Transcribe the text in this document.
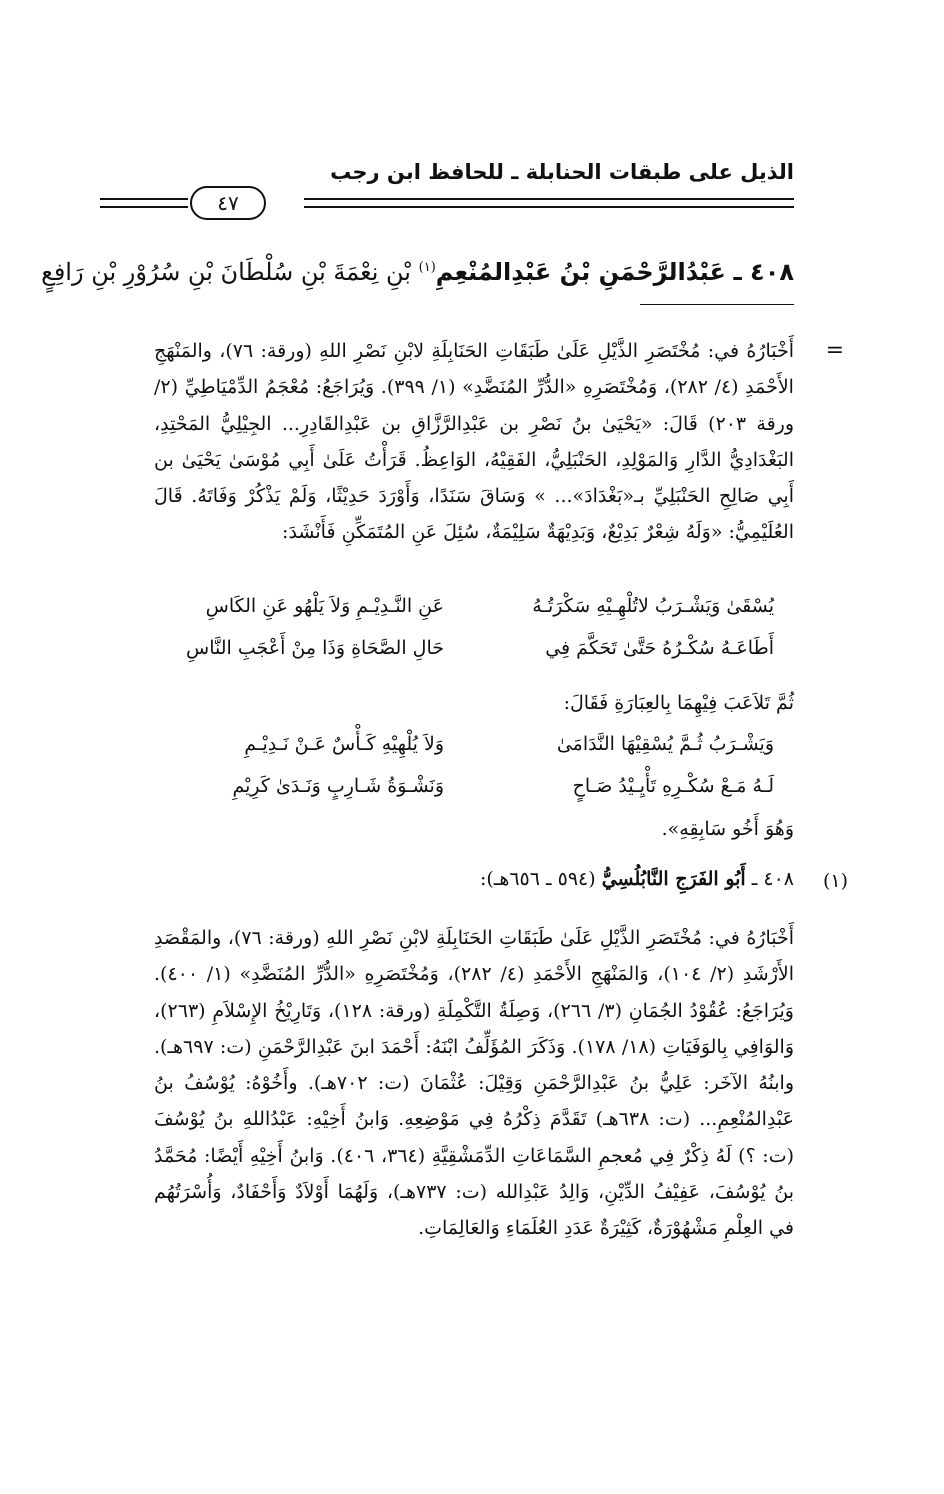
الذيل على طبقات الحنابلة ـ للحافظ ابن رجب
٤٧
٤٠٨ ـ عَبْدُالرَّحْمَنِ بْنُ عَبْدِالمُنْعِمِ$^{(١)}$ بْنِ نِعْمَةَ بْنِ سُلْطَانَ بْنِ سُرُوْرِ بْنِ رَافِعٍ
=

أَخْبَارُهُ في: مُخْتَصَرِ الذَّيْلِ عَلَىٰ طَبَقَاتِ الحَنَابِلَةِ لابْنِ نَصْرِ اللهِ (ورقة: ٧٦)، والمَنْهَجِ الأَحْمَدِ (٤/ ٢٨٢)، وَمُخْتَصَرِهِ «الدُّرِّ المُنَضَّدِ» (١/ ٣٩٩). وَيُرَاجَعُ: مُعْجَمُ الدِّمْيَاطِيِّ (٢/ ورقة ٢٠٣) قَالَ: «يَحْيَىٰ بنُ نَصْرِ بن عَبْدِالرَّزَّاقِ بن عَبْدِالقَادِرِ... الجِيْلِيُّ المَحْتِدِ، البَغْدَادِيُّ الدَّارِ وَالمَوْلِدِ، الحَنْبَلِيُّ، الفَقِيْهُ، الوَاعِظُ. قَرَأْتُ عَلَىٰ أَبِي مُوْسَىٰ يَحْيَىٰ بن أَبِي صَالِحِ الحَنْبَلِيِّ بـ«بَغْدَادَ»... » وَسَاقَ سَنَدًا، وَأَوْرَدَ حَدِيْثًا، وَلَمْ يَذْكُرْ وَفَاتَهُ. قَالَ العُلَيْمِيُّ: «وَلَهُ شِعْرٌ بَدِيْعٌ، وَبَدِيْهَةٌ سَلِيْمَةٌ، سُئِلَ عَنِ المُتَمَكِّنِ فَأَنْشَدَ:

يُسْقَىٰ وَيَشْـرَبُ لاتُلْهِـيْهِ سَكْرَتُـهُ
عَنِ النَّـدِيْـمِ وَلاَ يَلْهُو عَنِ الكَاسِ
أَطَاعَـهُ سُكْـرُهُ حَتَّىٰ تَحَكَّمَ فِي
حَالِ الصَّحَاةِ وَذَا مِنْ أَعْجَبِ النَّاسِ
ثُمَّ تَلاَعَبَ فِيْهِمَا بِالعِبَارَةِ فَقَالَ:
وَيَشْـرَبُ ثُـمَّ يُسْقِيْهَا النَّدَامَىٰ
وَلاَ يُلْهِيْهِ كَـأْسٌ عَـنْ نَـدِيْـمِ
لَـهُ مَـعْ سُكْـرِهِ تَأْيِـيْدُ صَـاحٍ
وَنَشْـوَةُ شَـارِبٍ وَنَـدَىٰ كَرِيْمِ
وَهُوَ أَخُو سَابِقِهِ».
(١)
٤٠٨ ـ أَبُو الفَرَجِ النَّابُلُسِيُّ (٥٩٤ ـ ٦٥٦هـ):

أَخْبَارُهُ في: مُخْتَصَرِ الذَّيْلِ عَلَىٰ طَبَقَاتِ الحَنَابِلَةِ لابْنِ نَصْرِ اللهِ (ورقة: ٧٦)، والمَقْصَدِ الأَرْشَدِ (٢/ ١٠٤)، وَالمَنْهَجِ الأَحْمَدِ (٤/ ٢٨٢)، وَمُخْتَصَرِهِ «الدُّرِّ المُنَضَّدِ» (١/ ٤٠٠). وَيُرَاجَعُ: عُقُوْدُ الجُمَانِ (٣/ ٢٦٦)، وَصِلَةُ التَّكْمِلَةِ (ورقة: ١٢٨)، وَتَارِيْخُ الإِسْلاَمِ (٢٦٣)، وَالوَافِي بِالوَفَيَاتِ (١٨/ ١٧٨). وَذَكَرَ المُؤَلِّفُ ابْنَهُ: أَحْمَدَ ابنَ عَبْدِالرَّحْمَنِ (ت: ٦٩٧هـ). وابنُهُ الآخَر: عَلِيُّ بنُ عَبْدِالرَّحْمَنِ وَقِيْلَ: عُثْمَانَ (ت: ٧٠٢هـ). وأَخُوْهُ: يُوْسُفُ بنُ عَبْدِالمُنْعِمِ... (ت: ٦٣٨هـ) تَقَدَّمَ ذِكْرُهُ فِي مَوْضِعِهِ. وَابنُ أَخِيْهِ: عَبْدُاللهِ بنُ يُوْسُفَ (ت: ؟) لَهُ ذِكْرٌ فِي مُعجمِ السَّمَاعَاتِ الدِّمَشْقِيَّةِ (٣٦٤، ٤٠٦). وَابنُ أَخِيْهِ أَيْضًا: مُحَمَّدُ بنُ يُوْسُفَ، عَفِيْفُ الدِّيْنِ، وَالِدُ عَبْدِالله (ت: ٧٣٧هـ)، وَلَهُمَا أَوْلاَدٌ وَأَحْفَادٌ، وَأُسْرَتُهُم في العِلْمِ مَشْهُوْرَةٌ، كَثِيْرَةٌ عَدَدِ العُلَمَاءِ وَالعَالِمَاتِ.
